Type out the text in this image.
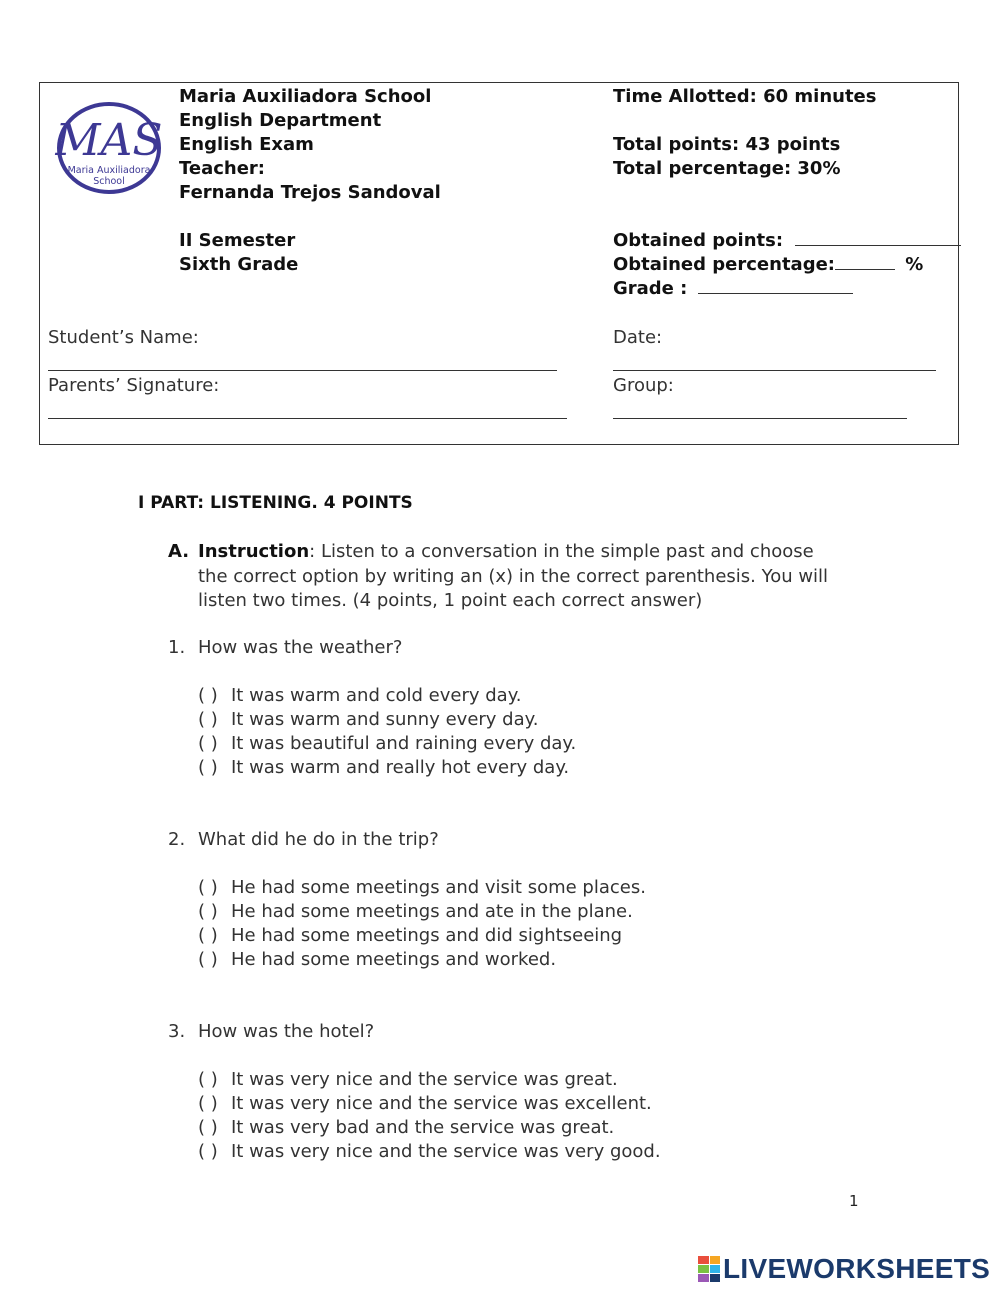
MAS
Maria Auxiliadora
School
Maria Auxiliadora School
English Department
English Exam
Teacher:
Fernanda Trejos Sandoval
II Semester
Sixth Grade
Time Allotted: 60 minutes
Total points: 43 points
Total percentage: 30%
Obtained points:
Obtained percentage:	%
Grade :
Student’s Name:	Date:
Parents’ Signature:	Group:
I PART: LISTENING. 4 POINTS
A. Instruction: Listen to a conversation in the simple past and choose the correct option by writing an (x) in the correct parenthesis. You will listen two times. (4 points, 1 point each correct answer)
1. How was the weather?
( ) It was warm and cold every day.
( ) It was warm and sunny every day.
( ) It was beautiful and raining every day.
( ) It was warm and really hot every day.
2. What did he do in the trip?
( ) He had some meetings and visit some places.
( ) He had some meetings and ate in the plane.
( ) He had some meetings and did sightseeing
( ) He had some meetings and worked.
3. How was the hotel?
( ) It was very nice and the service was great.
( ) It was very nice and the service was excellent.
( ) It was very bad and the service was great.
( ) It was very nice and the service was very good.
1
LIVEWORKSHEETS
